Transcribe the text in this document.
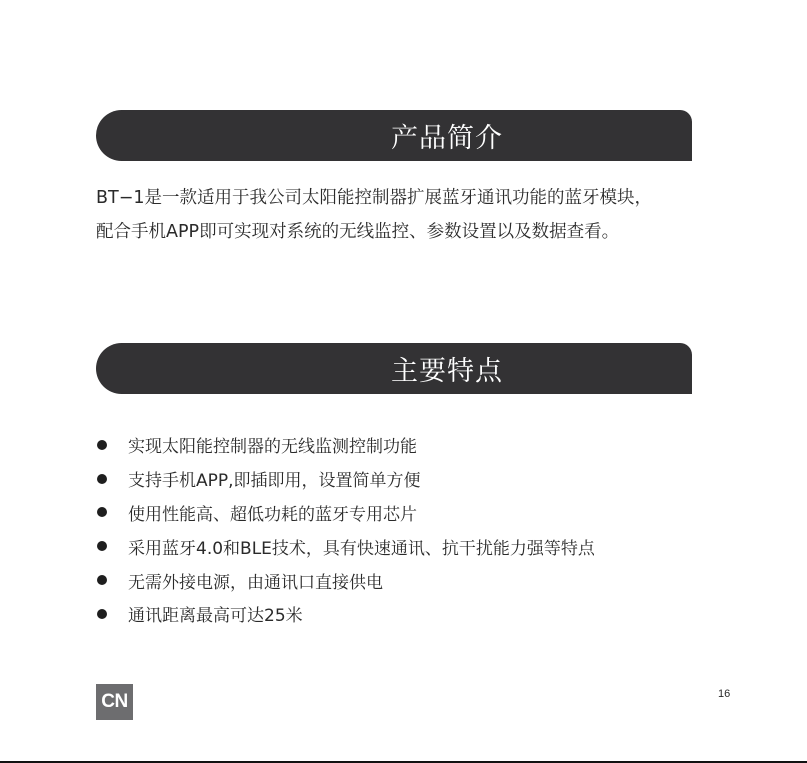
产品简介

BT−1是一款适用于我公司太阳能控制器扩展蓝牙通讯功能的蓝牙模块，
配合手机APP即可实现对系统的无线监控、参数设置以及数据查看。

主要特点
实现太阳能控制器的无线监测控制功能
支持手机APP,即插即用，设置简单方便
使用性能高、超低功耗的蓝牙专用芯片
采用蓝牙4.0和BLE技术，具有快速通讯、抗干扰能力强等特点
无需外接电源，由通讯口直接供电
通讯距离最高可达25米
CN	16
